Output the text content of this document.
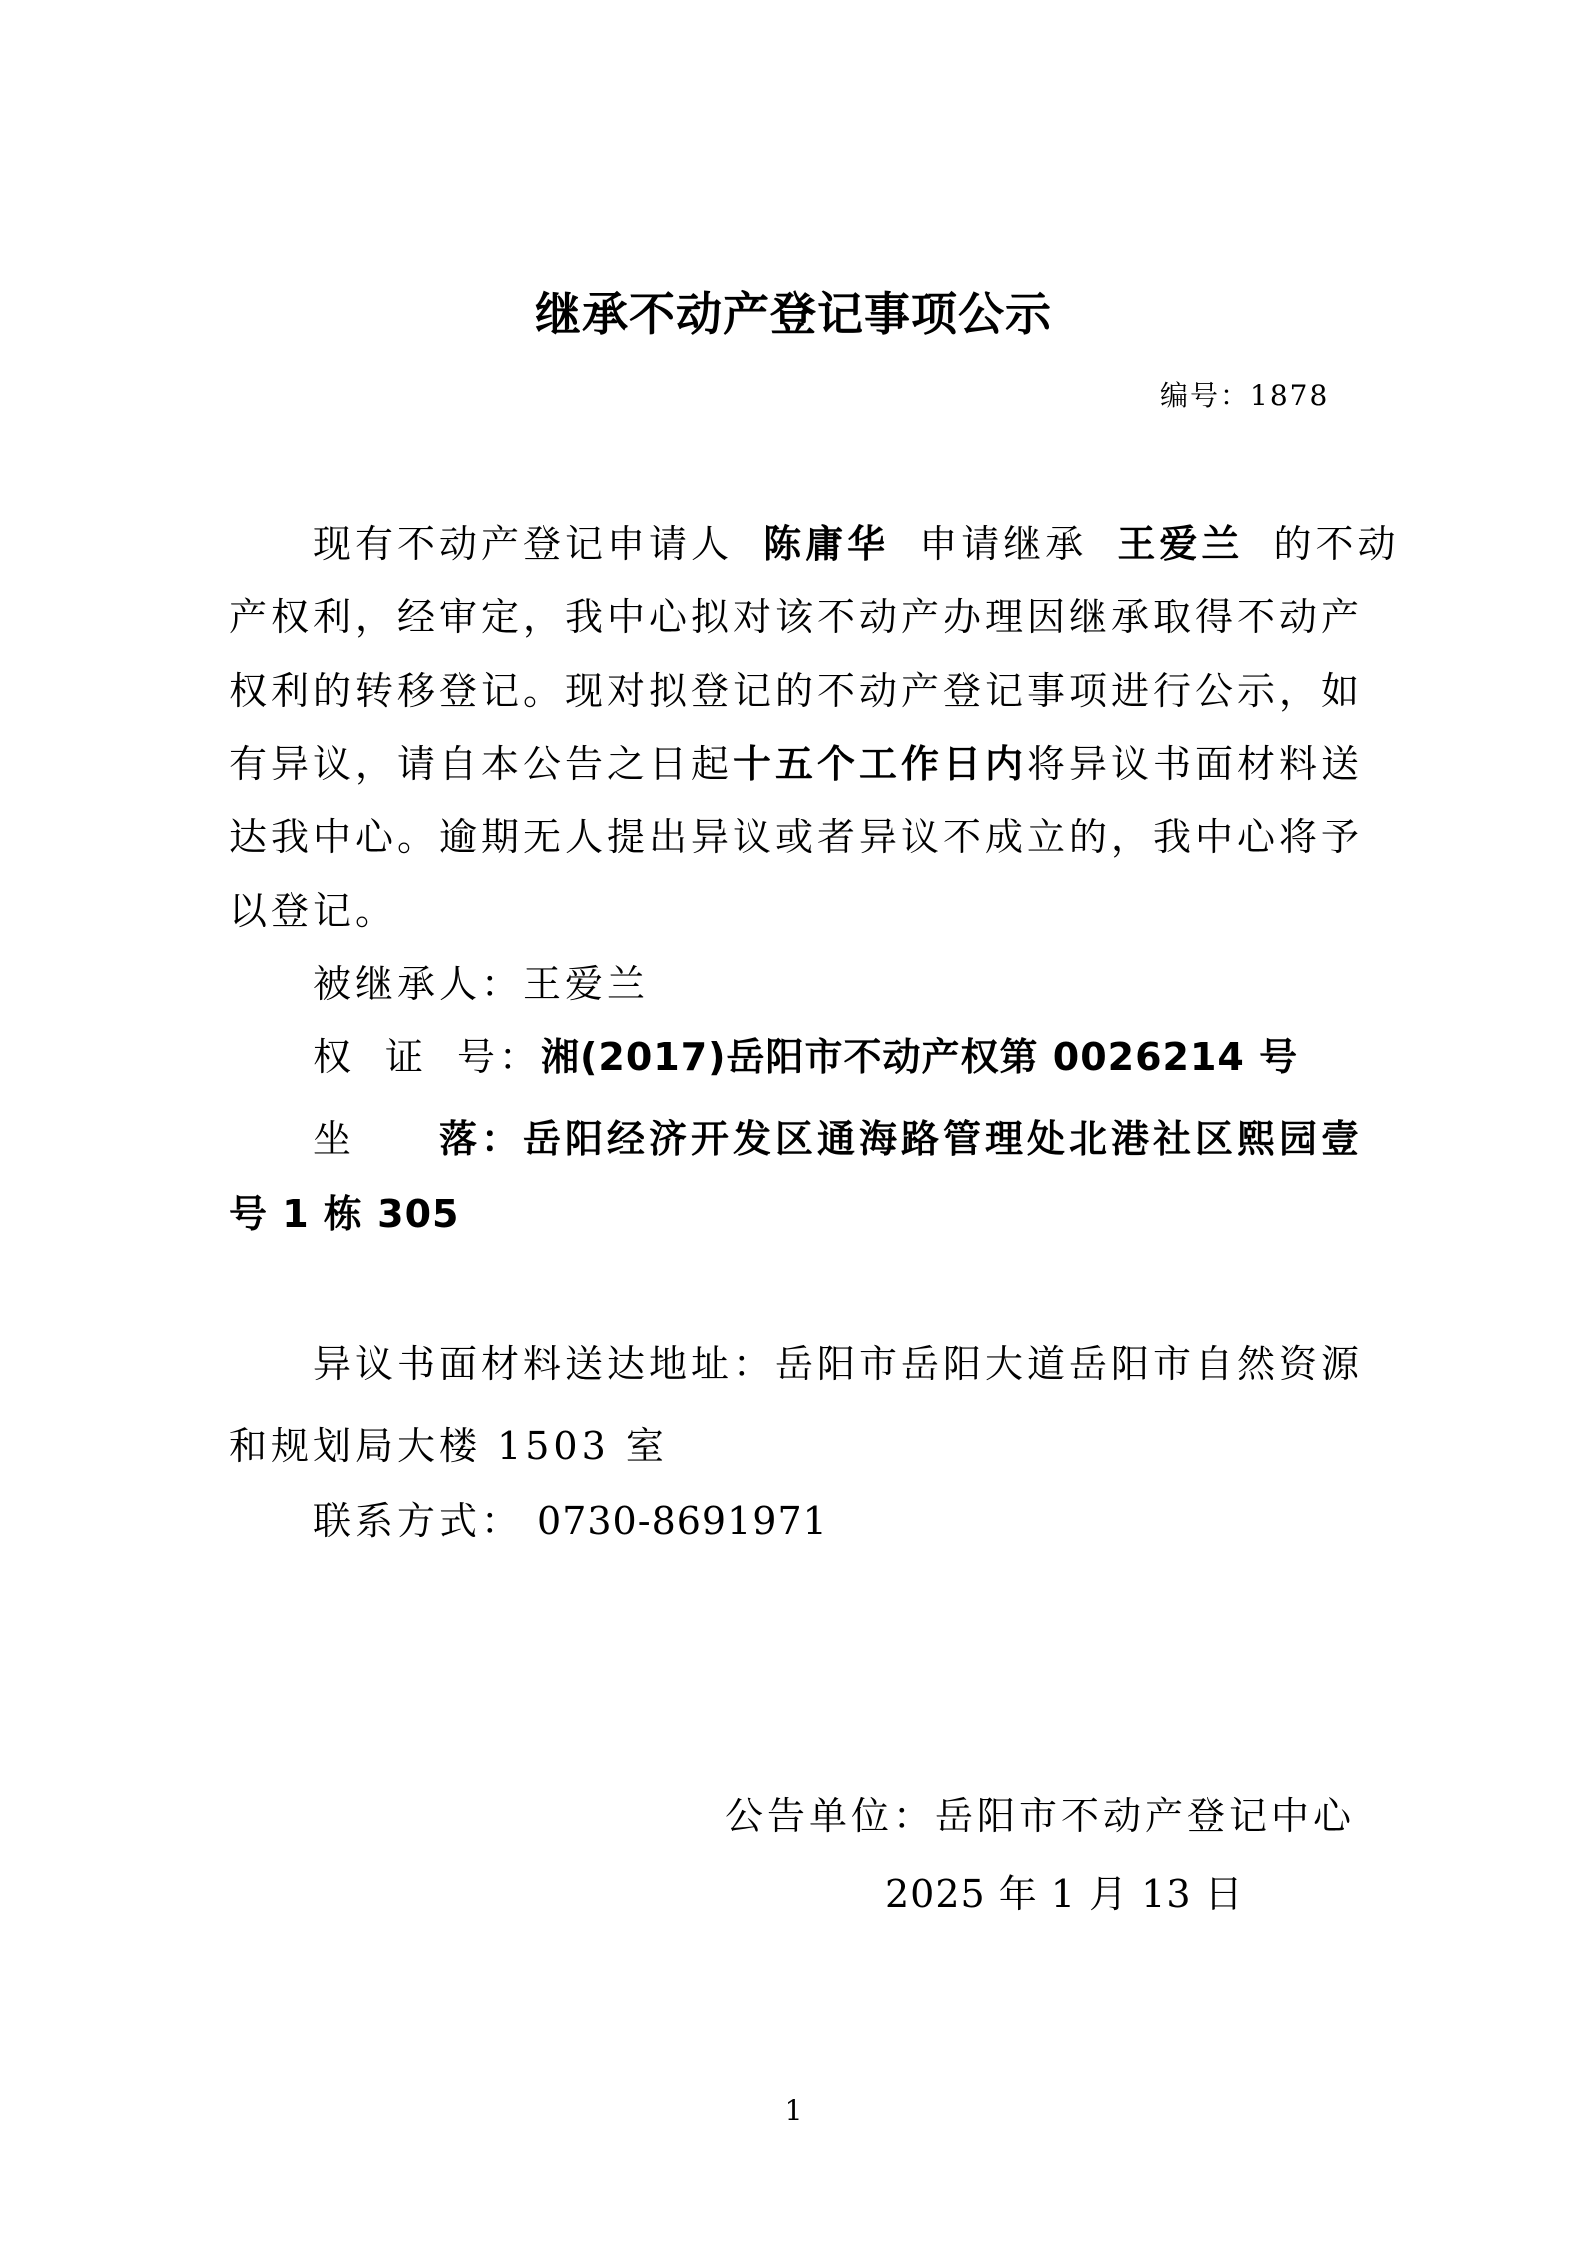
继承不动产登记事项公示
编号：1878
现有不动产登记申请人 陈庸华 申请继承 王爱兰 的不动
产权利，经审定，我中心拟对该不动产办理因继承取得不动产
权利的转移登记。现对拟登记的不动产登记事项进行公示，如
有异议，请自本公告之日起十五个工作日内将异议书面材料送
达我中心。逾期无人提出异议或者异议不成立的，我中心将予
以登记。
被继承人：王爱兰
权 证 号：湘(2017)岳阳市不动产权第 0026214 号
坐 落：岳阳经济开发区通海路管理处北港社区熙园壹
号 1 栋 305
异议书面材料送达地址：岳阳市岳阳大道岳阳市自然资源
和规划局大楼 1503 室
联系方式： 0730-8691971
公告单位：岳阳市不动产登记中心
2025 年 1 月 13 日
1
